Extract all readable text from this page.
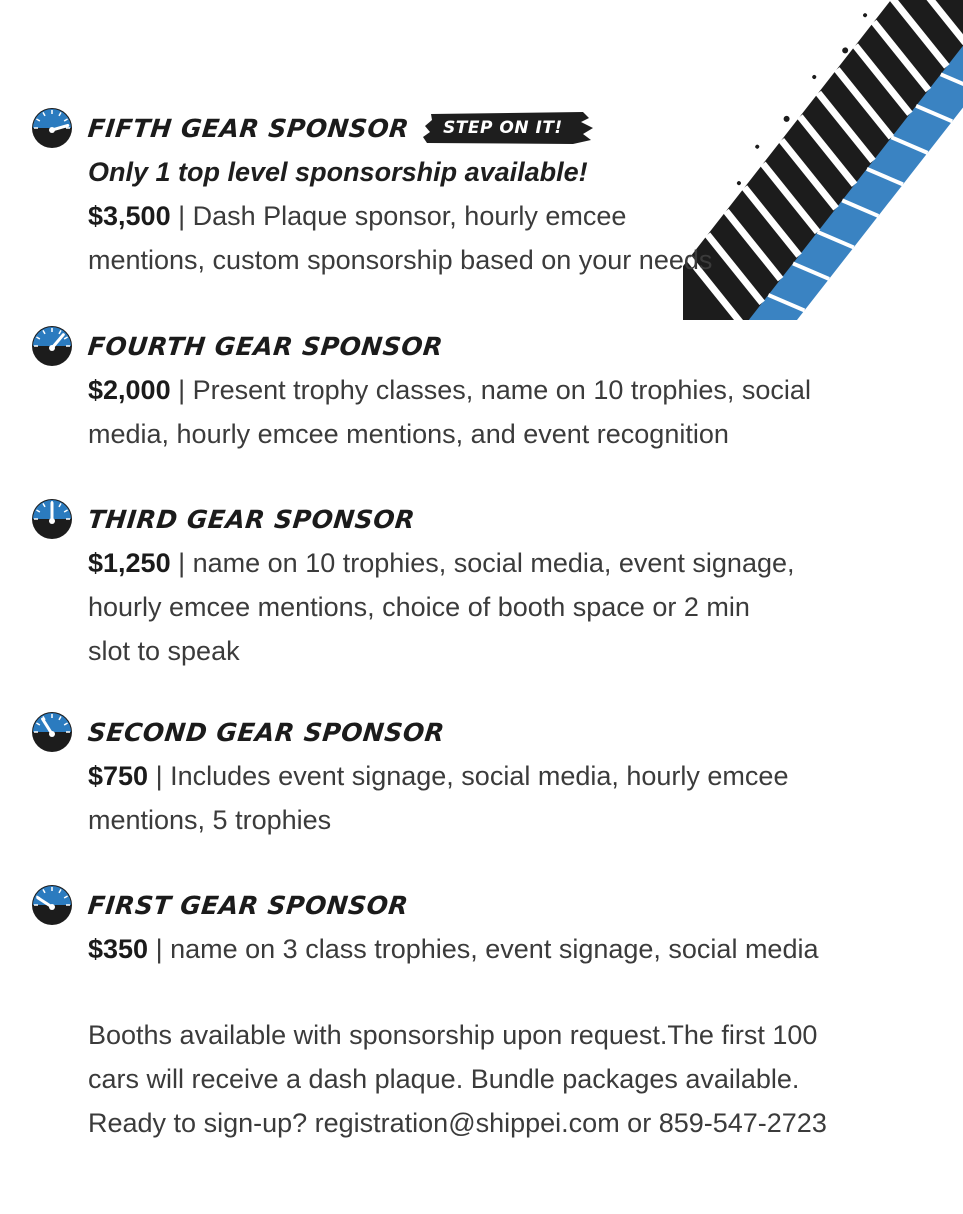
FIFTH GEAR SPONSOR	STEP ON IT!
Only 1 top level sponsorship available!
$3,500 | Dash Plaque sponsor, hourly emcee
mentions, custom sponsorship based on your needs
FOURTH GEAR SPONSOR
$2,000 | Present trophy classes, name on 10 trophies, social
media, hourly emcee mentions, and event recognition
THIRD GEAR SPONSOR
$1,250 | name on 10 trophies, social media, event signage,
hourly emcee mentions, choice of booth space or 2 min
slot to speak
SECOND GEAR SPONSOR
$750 | Includes event signage, social media, hourly emcee
mentions, 5 trophies
FIRST GEAR SPONSOR
$350 | name on 3 class trophies, event signage, social media
Booths available with sponsorship upon request.The first 100
cars will receive a dash plaque. Bundle packages available.
Ready to sign-up? registration@shippei.com or 859-547-2723
